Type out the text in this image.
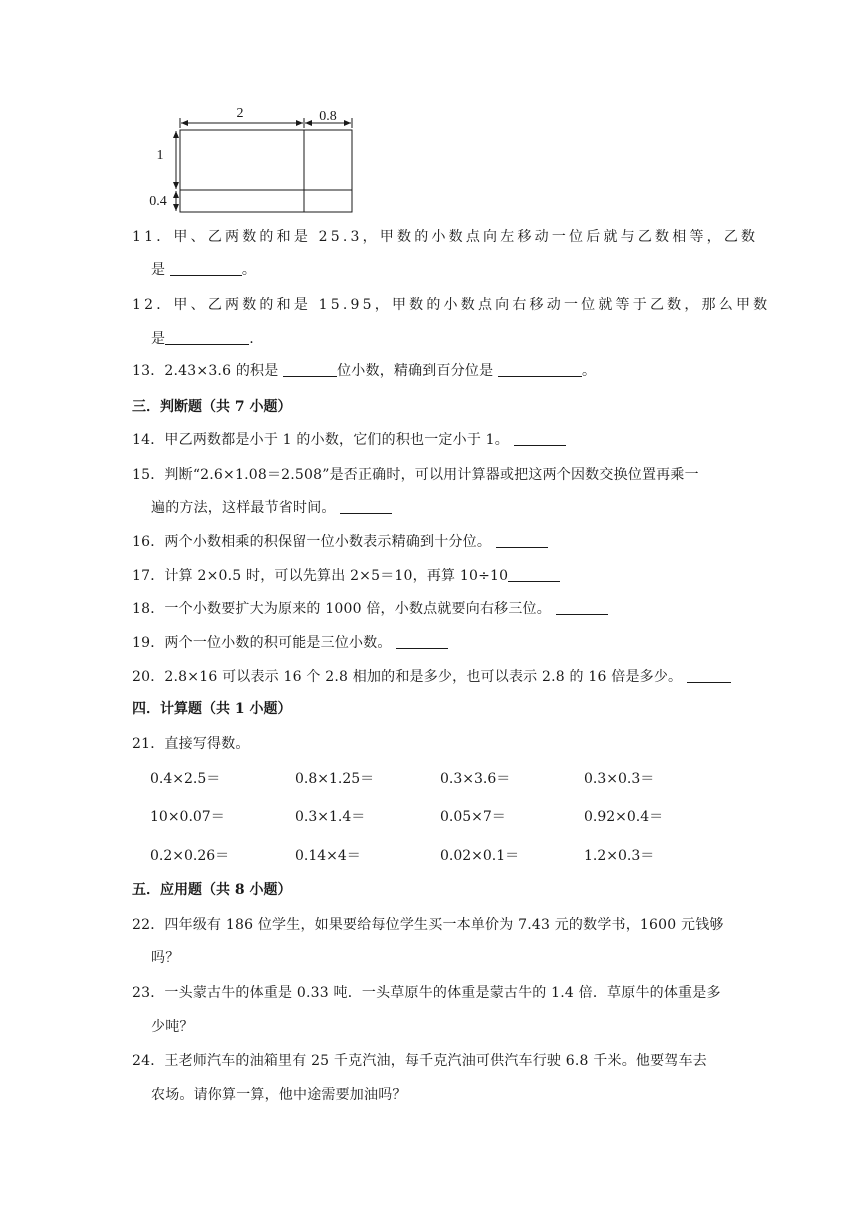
2	0.8
1
0.4
11．甲、乙两数的和是 25.3，甲数的小数点向左移动一位后就与乙数相等，乙数
是	。
12．甲、乙两数的和是 15.95，甲数的小数点向右移动一位就等于乙数，那么甲数
是	.
13．2.43×3.6 的积是	位小数，精确到百分位是	。
三．判断题（共 7 小题）
14．甲乙两数都是小于 1 的小数，它们的积也一定小于 1。
15．判断“2.6×1.08＝2.508”是否正确时，可以用计算器或把这两个因数交换位置再乘一
遍的方法，这样最节省时间。
16．两个小数相乘的积保留一位小数表示精确到十分位。
17．计算 2×0.5 时，可以先算出 2×5＝10，再算 10÷10
18．一个小数要扩大为原来的 1000 倍，小数点就要向右移三位。
19．两个一位小数的积可能是三位小数。
20．2.8×16 可以表示 16 个 2.8 相加的和是多少，也可以表示 2.8 的 16 倍是多少。
四．计算题（共 1 小题）
21．直接写得数。
0.4×2.5＝	0.8×1.25＝	0.3×3.6＝	0.3×0.3＝
10×0.07＝	0.3×1.4＝	0.05×7＝	0.92×0.4＝
0.2×0.26＝	0.14×4＝	0.02×0.1＝	1.2×0.3＝
五．应用题（共 8 小题）
22．四年级有 186 位学生，如果要给每位学生买一本单价为 7.43 元的数学书，1600 元钱够
吗？
23．一头蒙古牛的体重是 0.33 吨．一头草原牛的体重是蒙古牛的 1.4 倍．草原牛的体重是多
少吨？
24．王老师汽车的油箱里有 25 千克汽油，每千克汽油可供汽车行驶 6.8 千米。他要驾车去
农场。请你算一算，他中途需要加油吗？
